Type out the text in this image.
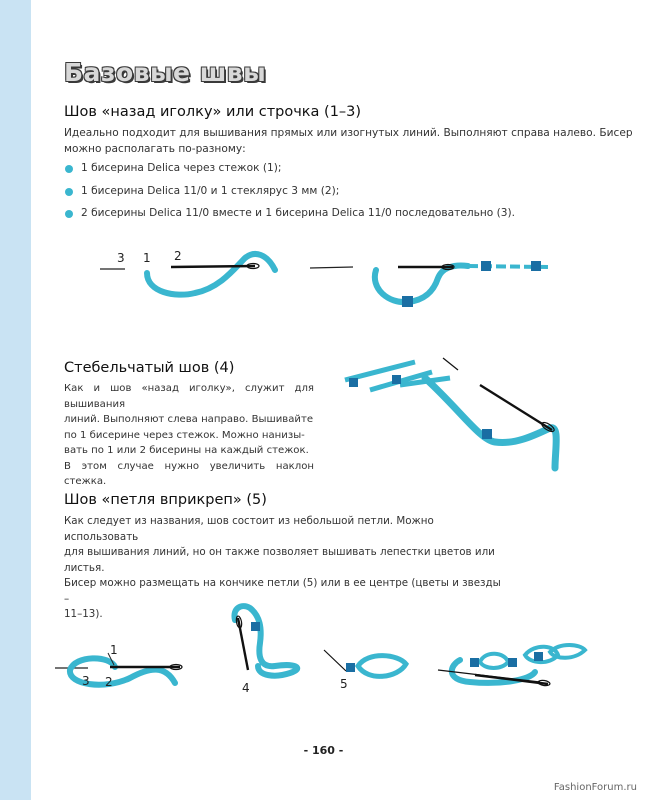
Базовые швы
Шов «назад иголку» или строчка (1–3)

Идеально подходит для вышивания прямых или изогнутых линий. Выполняют справа налево. Бисер
можно располагать по-разному:

1 бисерина Delica через стежок (1);
1 бисерина Delica 11/0 и 1 стеклярус 3 мм (2);
2 бисерины Delica 11/0 вместе и 1 бисерина Delica 11/0 последовательно (3).
3 1 2
Стебельчатый шов (4)

Как и шов «назад иголку», служит для вышивания
линий. Выполняют слева направо. Вышивайте
по 1 бисерине через стежок. Можно нанизы-
вать по 1 или 2 бисерины на каждый стежок.
В этом случае нужно увеличить наклон стежка.

Шов «петля вприкреп» (5)

Как следует из названия, шов состоит из небольшой петли. Можно использовать
для вышивания линий, но он также позволяет вышивать лепестки цветов или листья.
Бисер можно размещать на кончике петли (5) или в ее центре (цветы и звезды –
11–13).

1
3 2	4	5
- 160 -
FashionForum.ru
